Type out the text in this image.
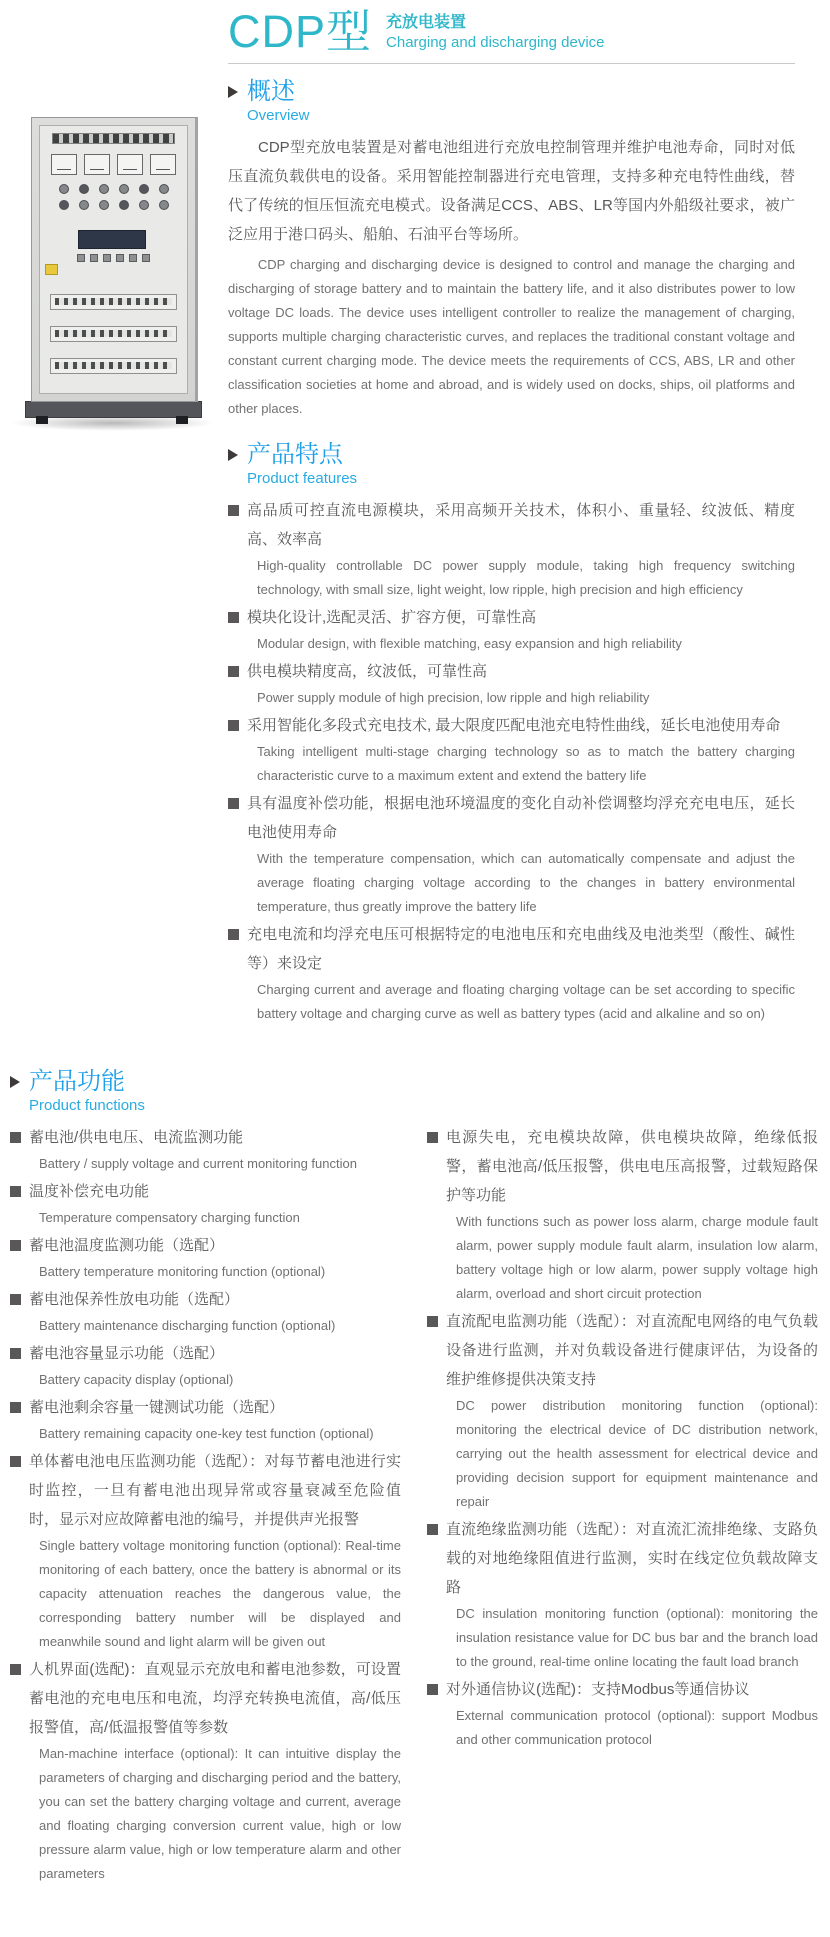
CDP型 充放电装置
Charging and discharging device
概述
Overview

CDP型充放电装置是对蓄电池组进行充放电控制管理并维护电池寿命，同时对低压直流负载供电的设备。采用智能控制器进行充电管理，支持多种充电特性曲线，替代了传统的恒压恒流充电模式。设备满足CCS、ABS、LR等国内外船级社要求，被广泛应用于港口码头、船舶、石油平台等场所。

CDP charging and discharging device is designed to control and manage the charging and discharging of storage battery and to maintain the battery life, and it also distributes power to low voltage DC loads. The device uses intelligent controller to realize the management of charging, supports multiple charging characteristic curves, and replaces the traditional constant voltage and constant current charging mode. The device meets the requirements of CCS, ABS, LR and other classification societies at home and abroad, and is widely used on docks, ships, oil platforms and other places.

产品特点
Product features

高品质可控直流电源模块，采用高频开关技术，体积小、重量轻、纹波低、精度高、效率高

High-quality controllable DC power supply module, taking high frequency switching technology, with small size, light weight, low ripple, high precision and high efficiency

模块化设计,选配灵活、扩容方便，可靠性高

Modular design, with flexible matching, easy expansion and high reliability

供电模块精度高，纹波低，可靠性高

Power supply module of high precision, low ripple and high reliability

采用智能化多段式充电技术, 最大限度匹配电池充电特性曲线，延长电池使用寿命

Taking intelligent multi-stage charging technology so as to match the battery charging characteristic curve to a maximum extent and extend the battery life

具有温度补偿功能，根据电池环境温度的变化自动补偿调整均浮充充电电压，延长电池使用寿命

With the temperature compensation, which can automatically compensate and adjust the average floating charging voltage according to the changes in battery environmental temperature, thus greatly improve the battery life

充电电流和均浮充电压可根据特定的电池电压和充电曲线及电池类型（酸性、碱性等）来设定

Charging current and average and floating charging voltage can be set according to specific battery voltage and charging curve as well as battery types (acid and alkaline and so on)

产品功能
Product functions

蓄电池/供电电压、电流监测功能

Battery / supply voltage and current monitoring function

温度补偿充电功能

Temperature compensatory charging function

蓄电池温度监测功能（选配）

Battery temperature monitoring function (optional)

蓄电池保养性放电功能（选配）

Battery maintenance discharging function (optional)

蓄电池容量显示功能（选配）

Battery capacity display (optional)

蓄电池剩余容量一键测试功能（选配）

Battery remaining capacity one-key test function (optional)

单体蓄电池电压监测功能（选配）：对每节蓄电池进行实时监控，一旦有蓄电池出现异常或容量衰减至危险值时，显示对应故障蓄电池的编号，并提供声光报警

Single battery voltage monitoring function (optional): Real-time monitoring of each battery, once the battery is abnormal or its capacity attenuation reaches the dangerous value, the corresponding battery number will be displayed and meanwhile sound and light alarm will be given out

人机界面(选配)：直观显示充放电和蓄电池参数，可设置蓄电池的充电电压和电流，均浮充转换电流值，高/低压报警值，高/低温报警值等参数

Man-machine interface (optional): It can intuitive display the parameters of charging and discharging period and the battery, you can set the battery charging voltage and current, average and floating charging conversion current value, high or low pressure alarm value, high or low temperature alarm and other parameters

电源失电，充电模块故障，供电模块故障，绝缘低报警，蓄电池高/低压报警，供电电压高报警，过载短路保护等功能

With functions such as power loss alarm, charge module fault alarm, power supply module fault alarm, insulation low alarm, battery voltage high or low alarm, power supply voltage high alarm, overload and short circuit protection

直流配电监测功能（选配）：对直流配电网络的电气负载设备进行监测，并对负载设备进行健康评估，为设备的维护维修提供决策支持

DC power distribution monitoring function (optional): monitoring the electrical device of DC distribution network, carrying out the health assessment for electrical device and providing decision support for equipment maintenance and repair

直流绝缘监测功能（选配）：对直流汇流排绝缘、支路负载的对地绝缘阻值进行监测，实时在线定位负载故障支路

DC insulation monitoring function (optional): monitoring the insulation resistance value for DC bus bar and the branch load to the ground, real-time online locating the fault load branch

对外通信协议(选配)：支持Modbus等通信协议

External communication protocol (optional): support Modbus and other communication protocol
